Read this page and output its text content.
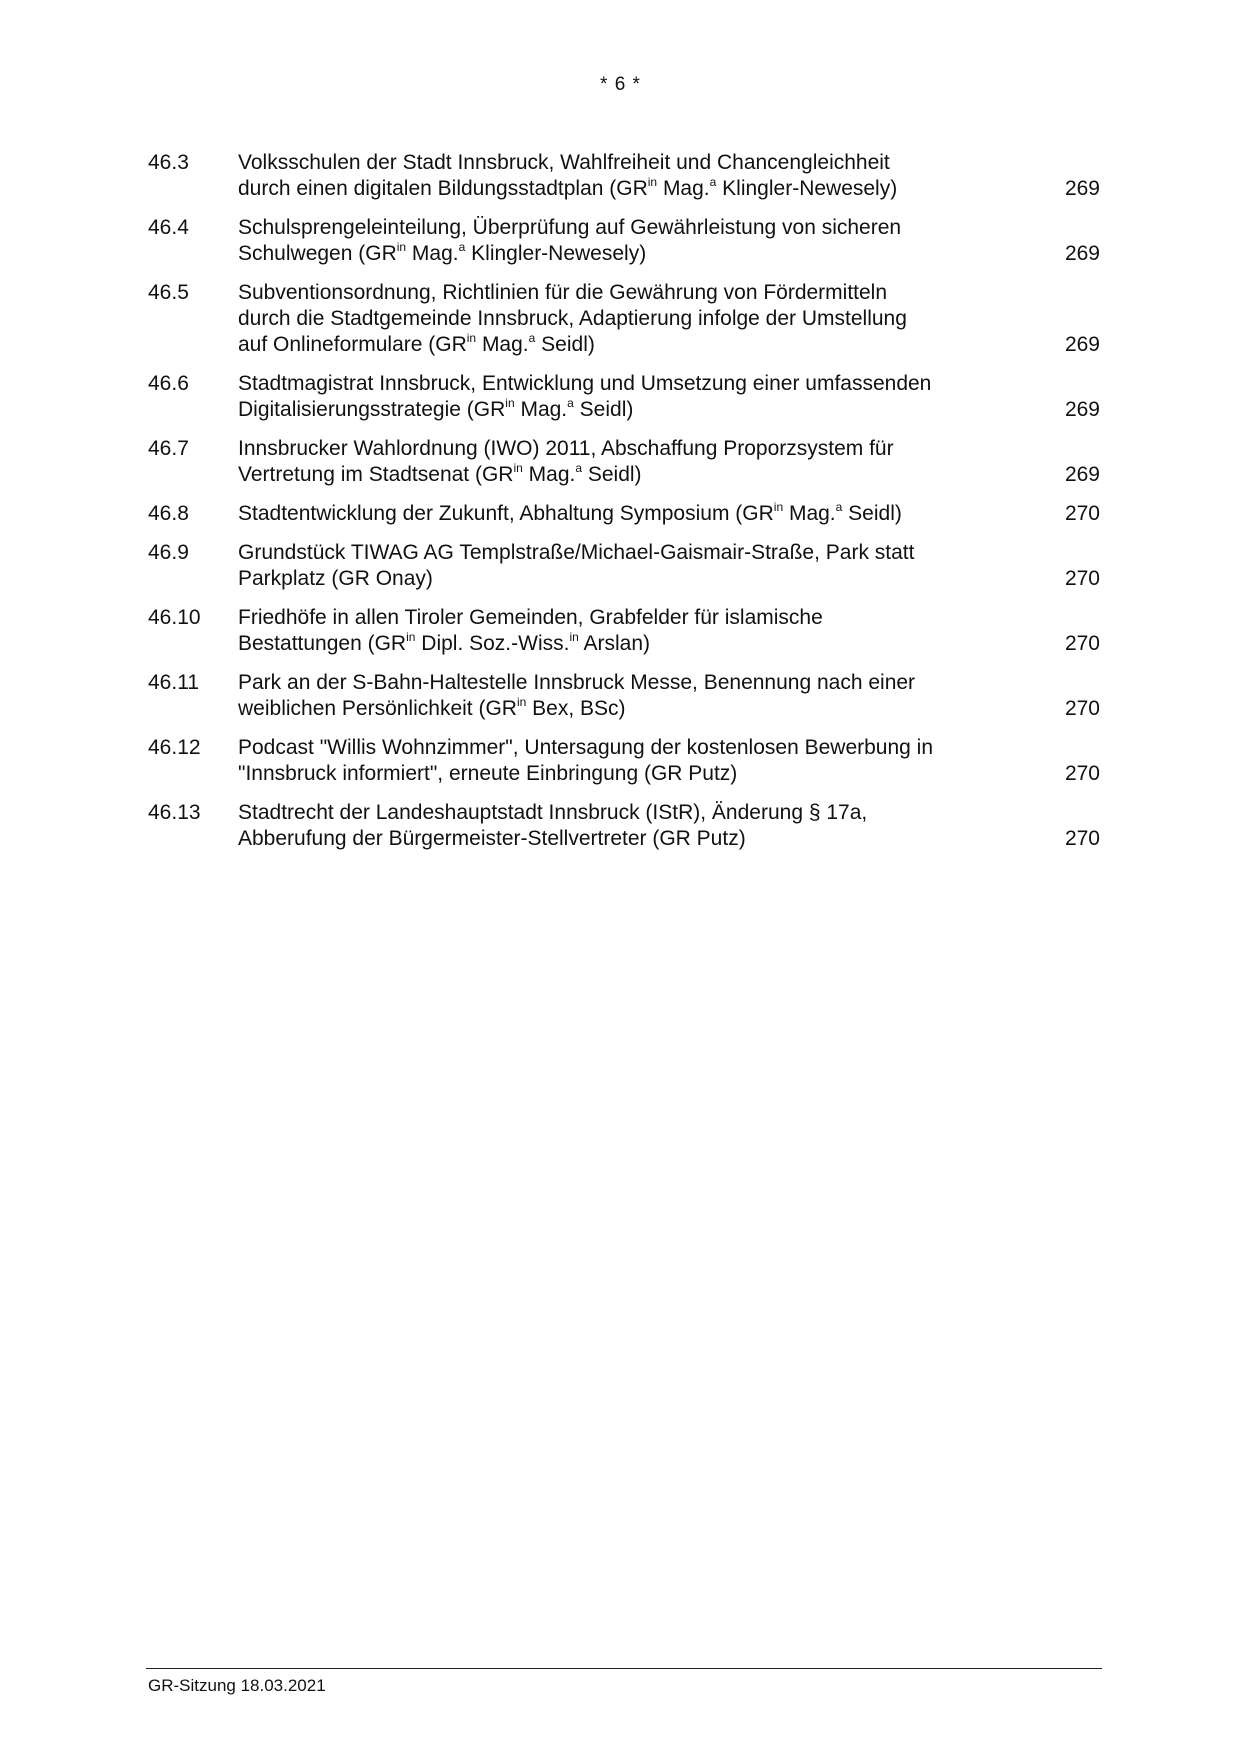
* 6 *
46.3	Volksschulen der Stadt Innsbruck, Wahlfreiheit und Chancengleichheit
durch einen digitalen Bildungsstadtplan ($GR^{in}$ Mag.$^a$ Klingler-Newesely)	269
46.4	Schulsprengeleinteilung, Überprüfung auf Gewährleistung von sicheren
Schulwegen ($GR^{in}$ Mag.$^a$ Klingler-Newesely)	269
46.5	Subventionsordnung, Richtlinien für die Gewährung von Fördermitteln
durch die Stadtgemeinde Innsbruck, Adaptierung infolge der Umstellung
auf Onlineformulare ($GR^{in}$ Mag.$^a$ Seidl)	269
46.6	Stadtmagistrat Innsbruck, Entwicklung und Umsetzung einer umfassenden
Digitalisierungsstrategie ($GR^{in}$ Mag.$^a$ Seidl)	269
46.7	Innsbrucker Wahlordnung (IWO) 2011, Abschaffung Proporzsystem für
Vertretung im Stadtsenat ($GR^{in}$ Mag.$^a$ Seidl)	269
46.8	Stadtentwicklung der Zukunft, Abhaltung Symposium ($GR^{in}$ Mag.$^a$ Seidl)	270
46.9	Grundstück TIWAG AG Templstraße/Michael-Gaismair-Straße, Park statt
Parkplatz (GR Onay)	270
46.10	Friedhöfe in allen Tiroler Gemeinden, Grabfelder für islamische
Bestattungen ($GR^{in}$ Dipl. Soz.-Wiss.$^{in}$ Arslan)	270
46.11	Park an der S-Bahn-Haltestelle Innsbruck Messe, Benennung nach einer
weiblichen Persönlichkeit ($GR^{in}$ Bex, BSc)	270
46.12	Podcast "Willis Wohnzimmer", Untersagung der kostenlosen Bewerbung in
"Innsbruck informiert", erneute Einbringung (GR Putz)	270
46.13	Stadtrecht der Landeshauptstadt Innsbruck (IStR), Änderung § 17a,
Abberufung der Bürgermeister-Stellvertreter (GR Putz)	270
GR-Sitzung 18.03.2021
